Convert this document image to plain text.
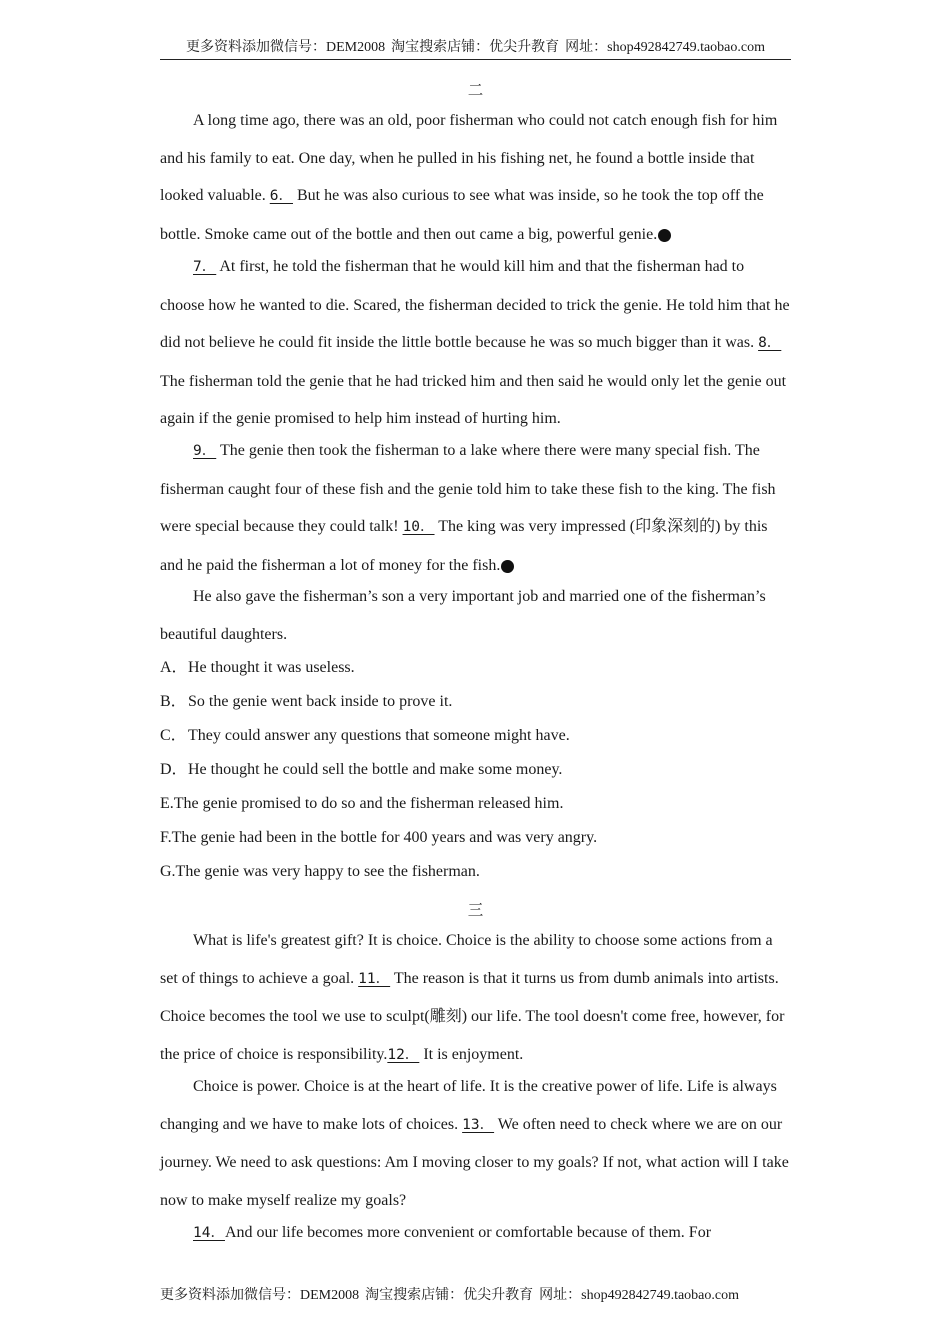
更多资料添加微信号：DEM2008 淘宝搜索店铺：优尖升教育 网址：shop492842749.taobao.com
二
A long time ago, there was an old, poor fisherman who could not catch enough fish for him and his family to eat. One day, when he pulled in his fishing net, he found a bottle inside that looked valuable. 6． But he was also curious to see what was inside, so he took the top off the bottle. Smoke came out of the bottle and then out came a big, powerful genie.	1
7． At first, he told the fisherman that he would kill him and that the fisherman had to choose how he wanted to die. Scared, the fisherman decided to trick the genie. He told him that he did not believe he could fit inside the little bottle because he was so much bigger than it was. 8．The fisherman told the genie that he had tricked him and then said he would only let the genie out again if the genie promised to help him instead of hurting him.
9． The genie then took the fisherman to a lake where there were many special fish. The fisherman caught four of these fish and the genie told him to take these fish to the king. The fish were special because they could talk! 10． The king was very impressed (印象深刻的) by this and he paid the fisherman a lot of money for the fish.	2
He also gave the fisherman’s son a very important job and married one of the fisherman’s beautiful daughters.
A．He thought it was useless.
B．So the genie went back inside to prove it.
C．They could answer any questions that someone might have.
D．He thought he could sell the bottle and make some money.
E.The genie promised to do so and the fisherman released him.
F.The genie had been in the bottle for 400 years and was very angry.
G.The genie was very happy to see the fisherman.
三
What is life's greatest gift? It is choice. Choice is the ability to choose some actions from a set of things to achieve a goal. 11． The reason is that it turns us from dumb animals into artists. Choice becomes the tool we use to sculpt(雕刻) our life. The tool doesn't come free, however, for the price of choice is responsibility.12． It is enjoyment.
Choice is power. Choice is at the heart of life. It is the creative power of life. Life is always changing and we have to make lots of choices. 13． We often need to check where we are on our journey. We need to ask questions: Am I moving closer to my goals? If not, what action will I take now to make myself realize my goals?
14．And our life becomes more convenient or comfortable because of them. For
更多资料添加微信号：DEM2008 淘宝搜索店铺：优尖升教育 网址：shop492842749.taobao.com
